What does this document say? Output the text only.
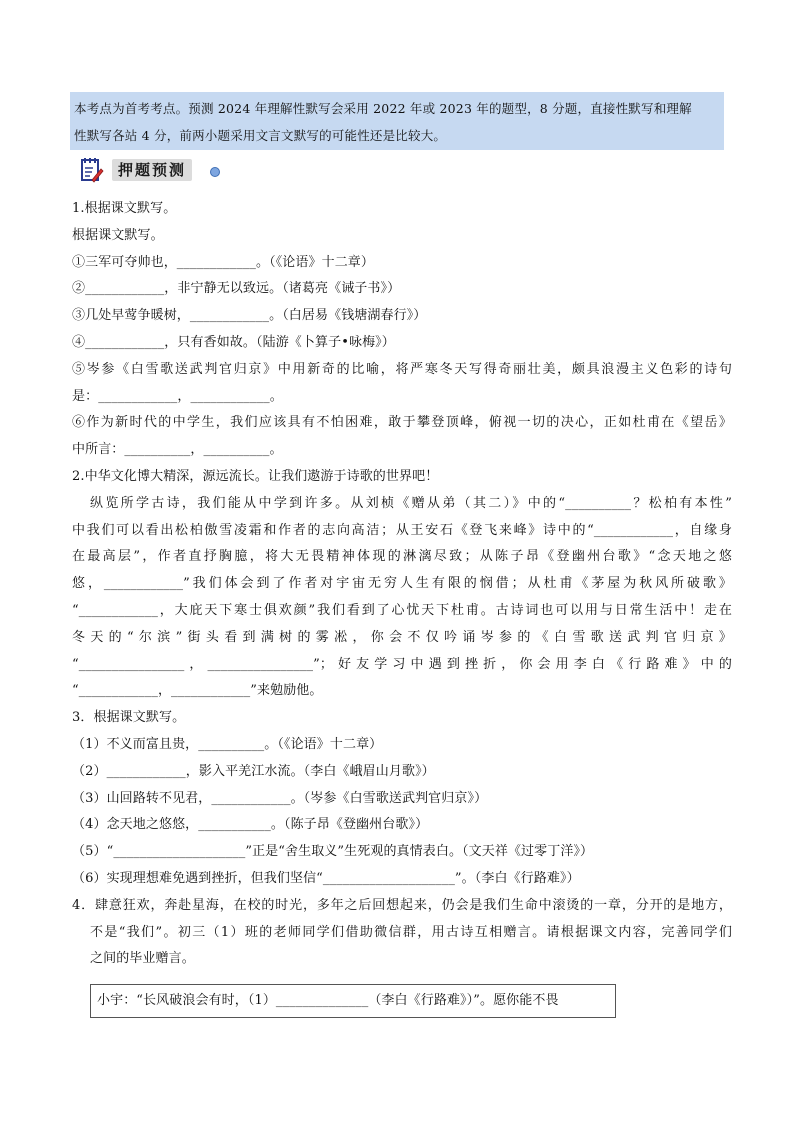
本考点为首考考点。预测 2024 年理解性默写会采用 2022 年或 2023 年的题型，8 分题，直接性默写和理解
性默写各站 4 分，前两小题采用文言文默写的可能性还是比较大。
押题预测
1.根据课文默写。
根据课文默写。
①三军可夺帅也，____________。（《论语》十二章）
②____________，非宁静无以致远。（诸葛亮《诫子书》）
③几处早莺争暖树，____________。（白居易《钱塘湖春行》）
④____________，只有香如故。（陆游《卜算子•咏梅》）
⑤岑参《白雪歌送武判官归京》中用新奇的比喻，将严寒冬天写得奇丽壮美，颇具浪漫主义色彩的诗句
是：____________，____________。
⑥作为新时代的中学生，我们应该具有不怕困难，敢于攀登顶峰，俯视一切的决心，正如杜甫在《望岳》
中所言：__________，__________。
2.中华文化博大精深，源远流长。让我们遨游于诗歌的世界吧！
纵览所学古诗，我们能从中学到许多。从刘桢《赠从弟（其二）》中的“__________？松柏有本性”
中我们可以看出松柏傲雪凌霜和作者的志向高洁；从王安石《登飞来峰》诗中的“____________，自缘身
在最高层”，作者直抒胸臆，将大无畏精神体现的淋漓尽致；从陈子昂《登幽州台歌》“念天地之悠
悠，____________”我们体会到了作者对宇宙无穷人生有限的悯借；从杜甫《茅屋为秋风所破歌》
“____________，大庇天下寒士俱欢颜”我们看到了心忧天下杜甫。古诗词也可以用与日常生活中！走在
冬天的“尔滨”街头看到满树的雾凇，你会不仅吟诵岑参的《白雪歌送武判官归京》
“________________，________________”；好友学习中遇到挫折，你会用李白《行路难》中的
“____________，____________”来勉励他。
3．根据课文默写。
（1）不义而富且贵，__________。（《论语》十二章）
（2）____________，影入平羌江水流。（李白《峨眉山月歌》）
（3）山回路转不见君，____________。（岑参《白雪歌送武判官归京》）
（4）念天地之悠悠，___________。（陈子昂《登幽州台歌》）
（5）“____________________”正是“舍生取义”生死观的真情表白。（文天祥《过零丁洋》）
（6）实现理想难免遇到挫折，但我们坚信“____________________”。（李白《行路难》）
4．肆意狂欢，奔赴星海，在校的时光，多年之后回想起来，仍会是我们生命中滚烫的一章，分开的是地方，
不是“我们”。初三（1）班的老师同学们借助微信群，用古诗互相赠言。请根据课文内容，完善同学们
之间的毕业赠言。
小宇：“长风破浪会有时，（1）______________（李白《行路难》）”。愿你能不畏
